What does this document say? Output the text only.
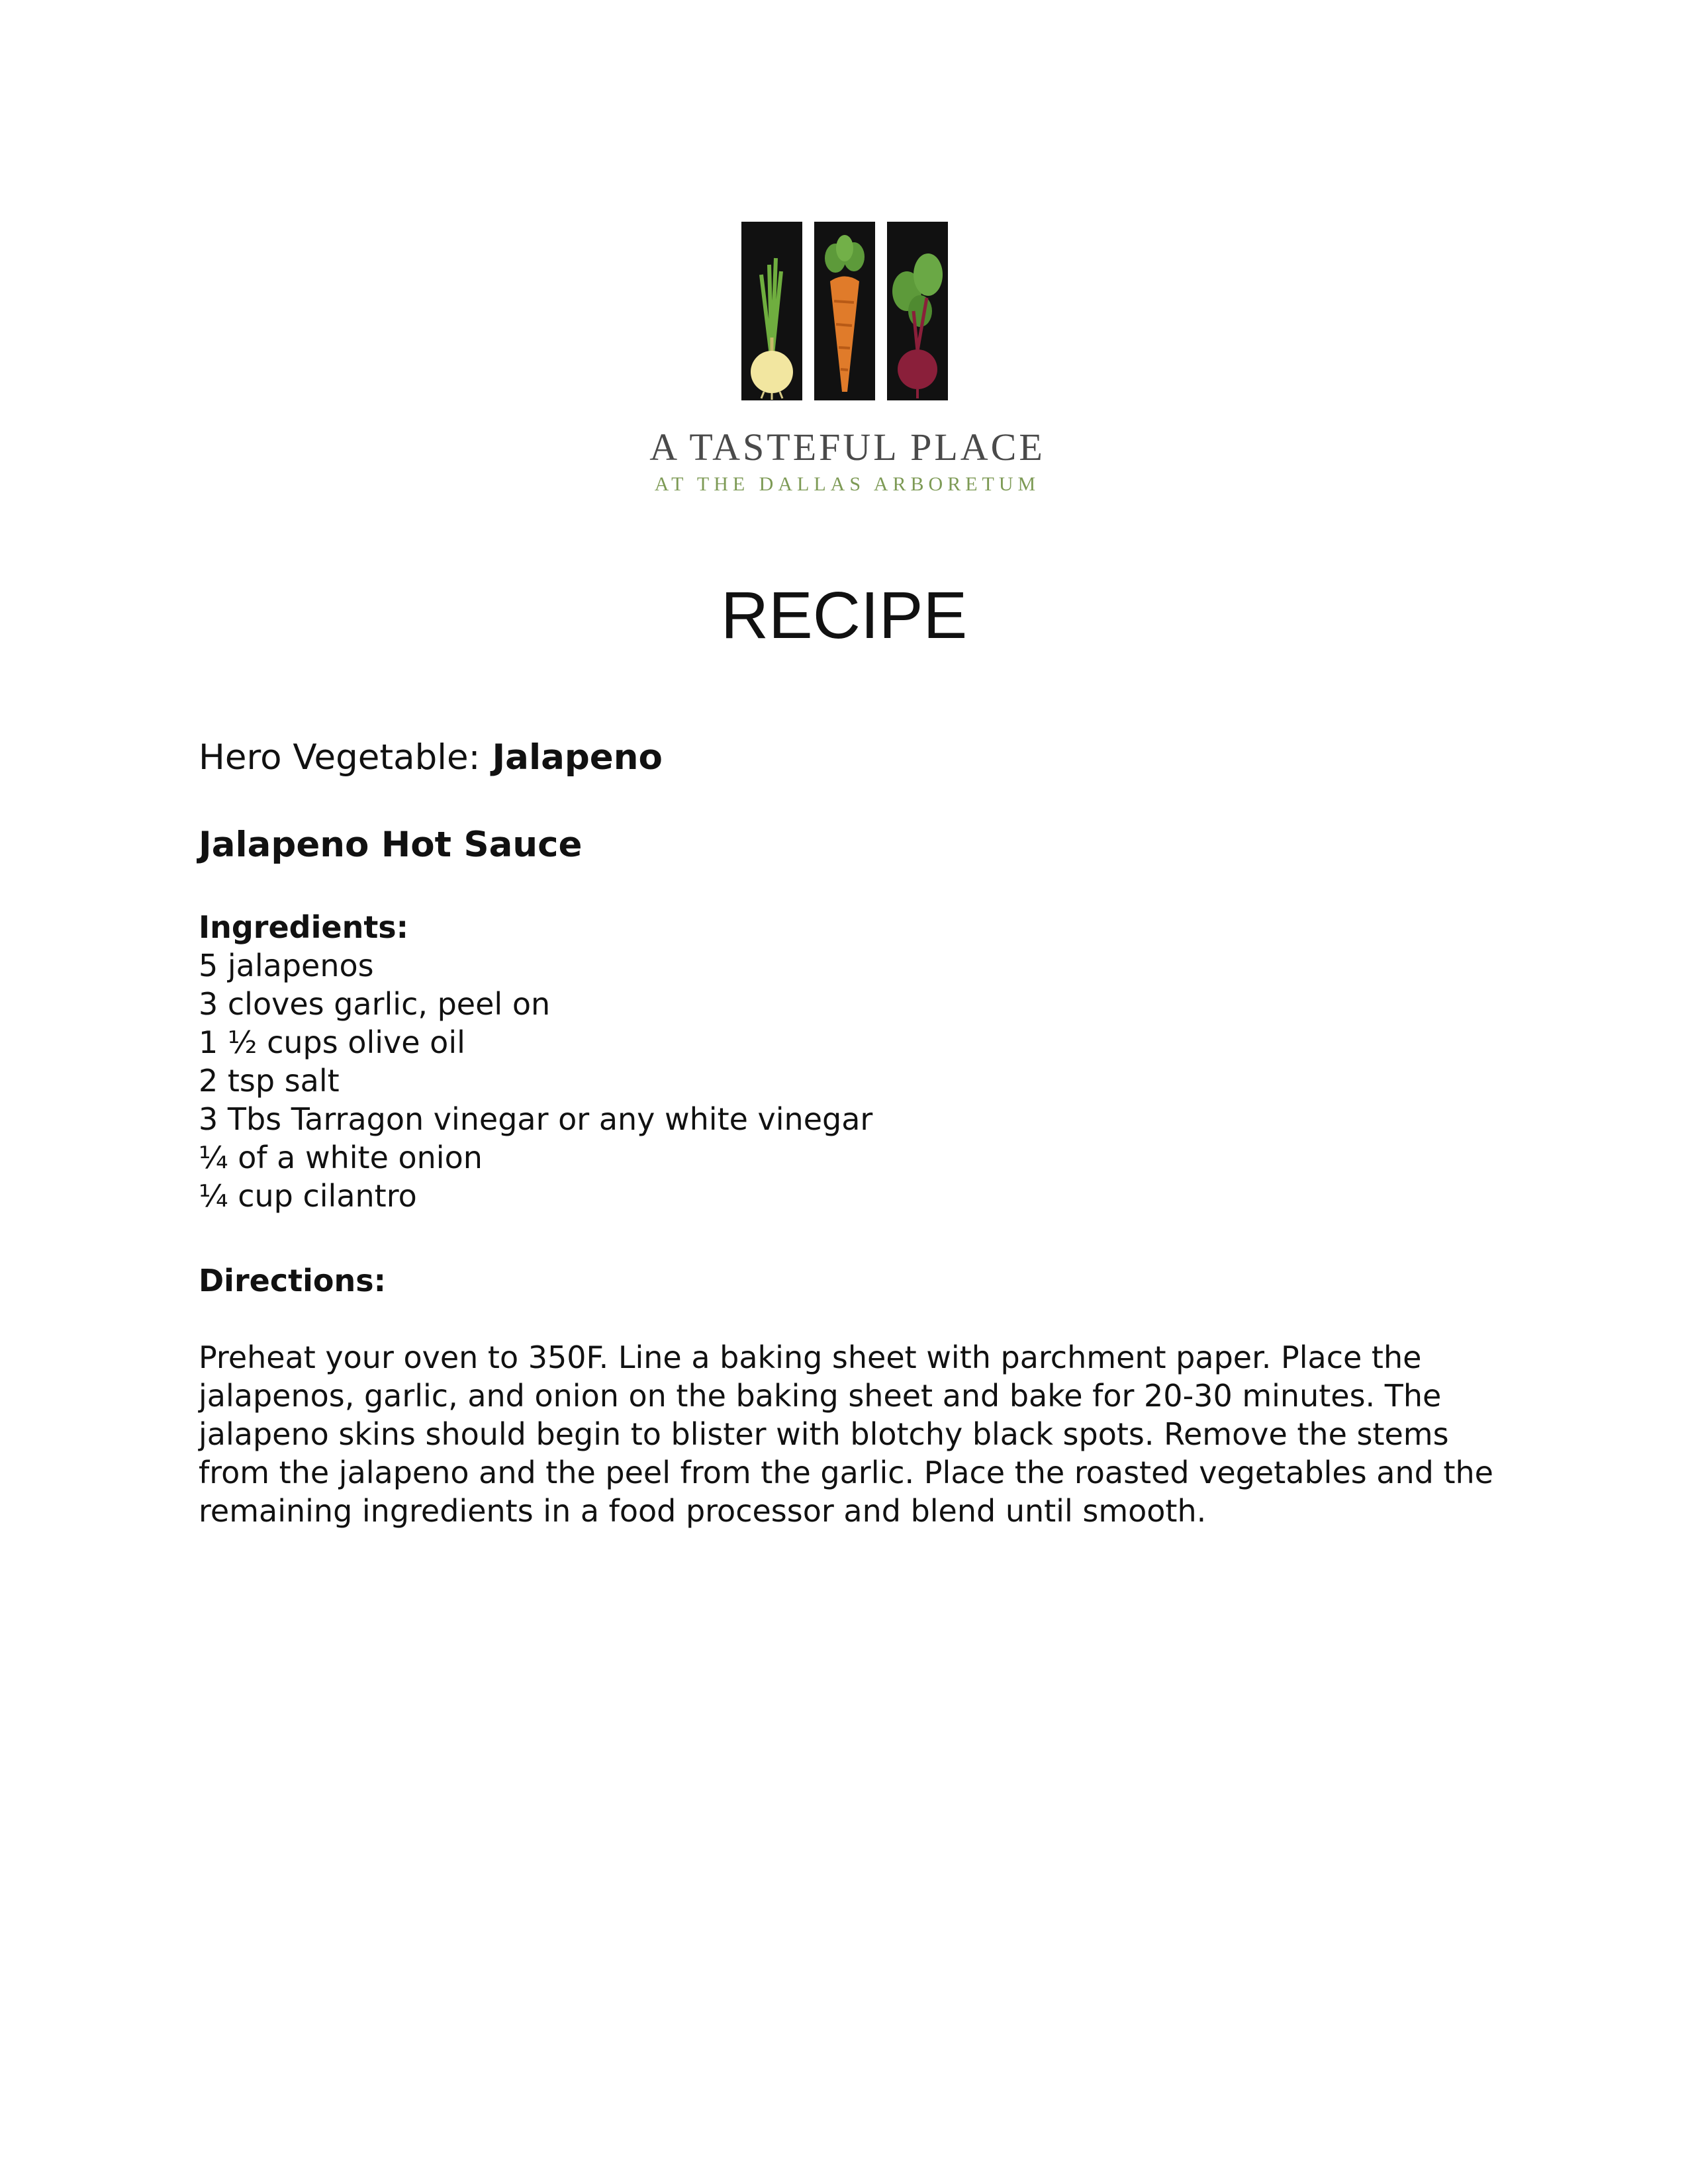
A TASTEFUL PLACE
AT THE DALLAS ARBORETUM
RECIPE

Hero Vegetable: Jalapeno

Jalapeno Hot Sauce

Ingredients:

5 jalapenos
3 cloves garlic, peel on
1 ½ cups olive oil
2 tsp salt
3 Tbs Tarragon vinegar or any white vinegar
¼ of a white onion
¼ cup cilantro

Directions:

Preheat your oven to 350F. Line a baking sheet with parchment paper. Place the jalapenos, garlic, and onion on the baking sheet and bake for 20-30 minutes. The jalapeno skins should begin to blister with blotchy black spots. Remove the stems from the jalapeno and the peel from the garlic. Place the roasted vegetables and the remaining ingredients in a food processor and blend until smooth.
